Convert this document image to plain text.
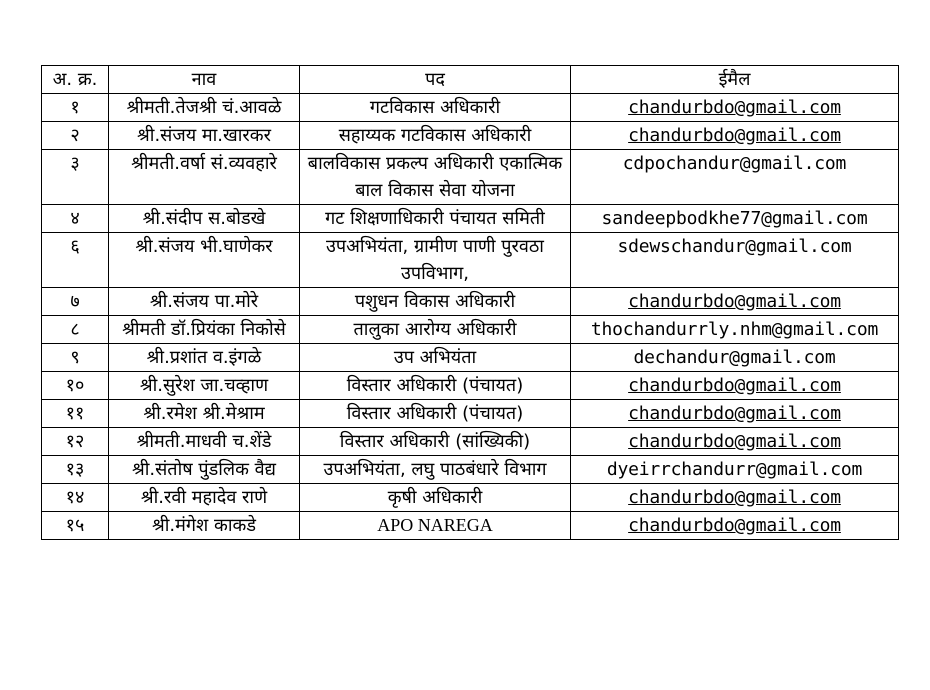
अ. क्र.	नाव	पद	ईमैल
१	श्रीमती.तेजश्री चं.आवळे	गटविकास अधिकारी	chandurbdo@gmail.com
२	श्री.संजय मा.खारकर	सहाय्यक गटविकास अधिकारी	chandurbdo@gmail.com
३	श्रीमती.वर्षा सं.व्यवहारे	बालविकास प्रकल्प अधिकारी एकात्मिक बाल विकास सेवा योजना	cdpochandur@gmail.com
४	श्री.संदीप स.बोडखे	गट शिक्षणाधिकारी पंचायत समिती	sandeepbodkhe77@gmail.com
६	श्री.संजय भी.घाणेकर	उपअभियंता, ग्रामीण पाणी पुरवठा उपविभाग,	sdewschandur@gmail.com
७	श्री.संजय पा.मोरे	पशुधन विकास अधिकारी	chandurbdo@gmail.com
८	श्रीमती डॉ.प्रियंका निकोसे	तालुका आरोग्य अधिकारी	thochandurrly.nhm@gmail.com
९	श्री.प्रशांत व.इंगळे	उप अभियंता	dechandur@gmail.com
१०	श्री.सुरेश जा.चव्हाण	विस्तार अधिकारी (पंचायत)	chandurbdo@gmail.com
११	श्री.रमेश श्री.मेश्राम	विस्तार अधिकारी (पंचायत)	chandurbdo@gmail.com
१२	श्रीमती.माधवी च.शेंडे	विस्तार अधिकारी (सांख्यिकी)	chandurbdo@gmail.com
१३	श्री.संतोष पुंडलिक वैद्य	उपअभियंता, लघु पाठबंधारे विभाग	dyeirrchandurr@gmail.com
१४	श्री.रवी महादेव राणे	कृषी अधिकारी	chandurbdo@gmail.com
१५	श्री.मंगेश काकडे	APO NAREGA	chandurbdo@gmail.com
